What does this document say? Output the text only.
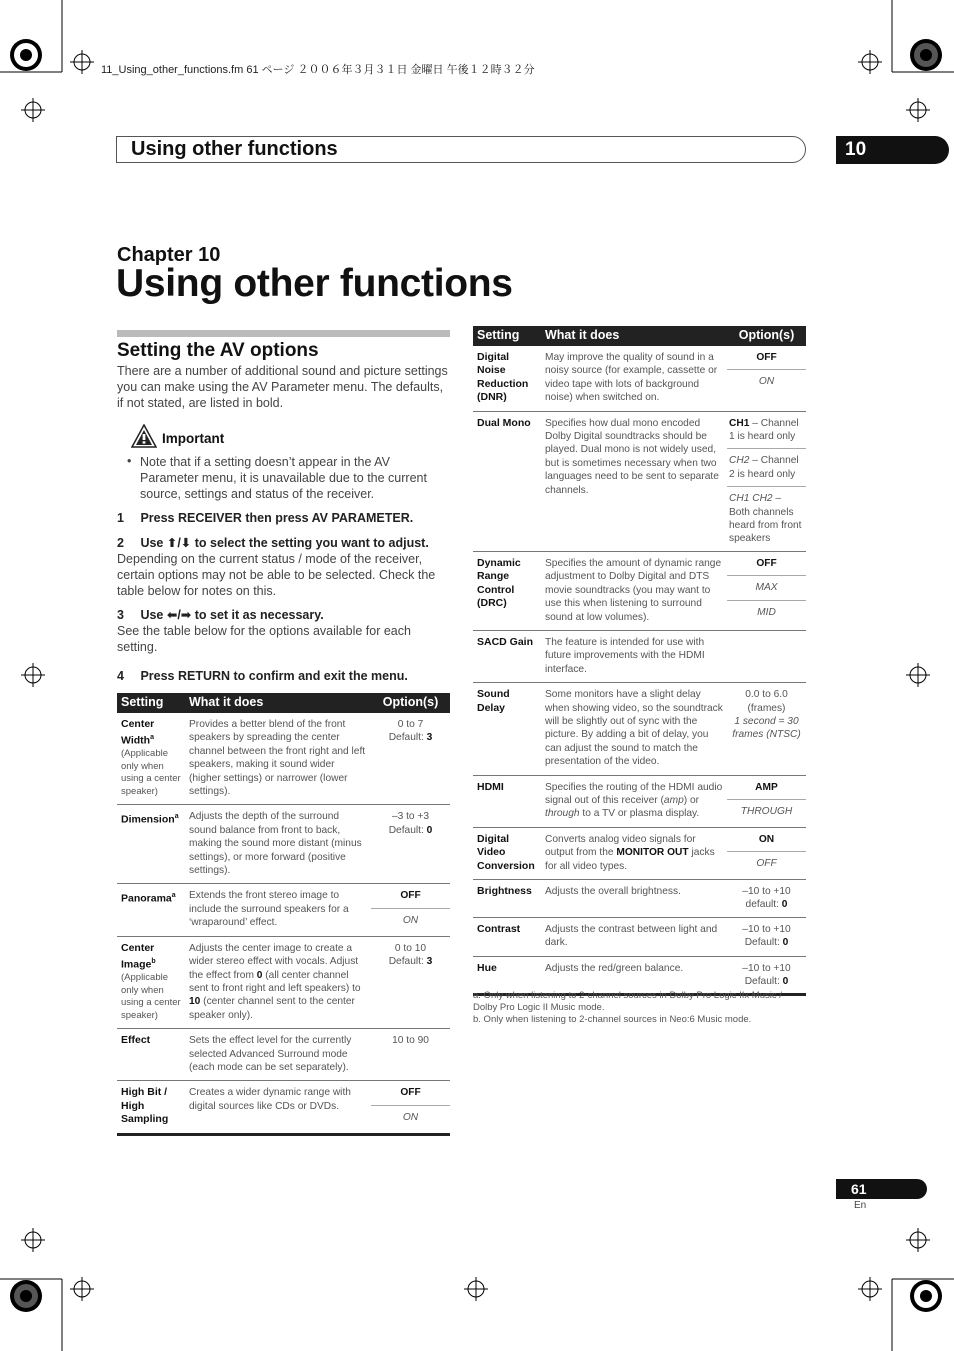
11_Using_other_functions.fm 61 ページ ２００６年３月３１日 金曜日 午後１２時３２分
Using other functions	10
Chapter 10
Using other functions
Setting the AV options
There are a number of additional sound and picture settings you can make using the AV Parameter menu. The defaults, if not stated, are listed in bold.
Important
• Note that if a setting doesn’t appear in the AV Parameter menu, it is unavailable due to the current source, settings and status of the receiver.
1 Press RECEIVER then press AV PARAMETER.
2 Use ⬆/⬇ to select the setting you want to adjust.
Depending on the current status / mode of the receiver, certain options may not be able to be selected. Check the table below for notes on this.
3 Use ⬅/➡ to set it as necessary.
See the table below for the options available for each setting.
4 Press RETURN to confirm and exit the menu.
Setting	What it does	Option(s)
Center Width$^a$
(Applicable only when using a center speaker)	Provides a better blend of the front speakers by spreading the center channel between the front right and left speakers, making it sound wider (higher settings) or narrower (lower settings).	0 to 7
Default: 3

Dimension$^a$	Adjusts the depth of the surround sound balance from front to back, making the sound more distant (minus settings), or more forward (positive settings).	–3 to +3
Default: 0

Panorama$^a$	Extends the front stereo image to include the surround speakers for a ‘wraparound’ effect.	OFF
ON

Center Image$^b$
(Applicable only when using a center speaker)	Adjusts the center image to create a wider stereo effect with vocals. Adjust the effect from 0 (all center channel sent to front right and left speakers) to 10 (center channel sent to the center speaker only).	0 to 10
Default: 3

Effect	Sets the effect level for the currently selected Advanced Surround mode (each mode can be set separately).	10 to 90

High Bit / High Sampling	Creates a wider dynamic range with digital sources like CDs or DVDs.	OFF
ON
Setting	What it does	Option(s)
Digital Noise Reduction (DNR)	May improve the quality of sound in a noisy source (for example, cassette or video tape with lots of background noise) when switched on.	OFF
ON

Dual Mono	Specifies how dual mono encoded Dolby Digital soundtracks should be played. Dual mono is not widely used, but is sometimes necessary when two languages need to be sent to separate channels.	CH1 – Channel 1 is heard only
CH2 – Channel 2 is heard only
CH1 CH2 – Both channels heard from front speakers

Dynamic Range Control (DRC)	Specifies the amount of dynamic range adjustment to Dolby Digital and DTS movie soundtracks (you may want to use this when listening to surround sound at low volumes).	OFF
MAX
MID

SACD Gain	The feature is intended for use with future improvements with the HDMI interface.	
Sound Delay	Some monitors have a slight delay when showing video, so the soundtrack will be slightly out of sync with the picture. By adding a bit of delay, you can adjust the sound to match the presentation of the video.	0.0 to 6.0 (frames)
1 second = 30 frames (NTSC)

HDMI	Specifies the routing of the HDMI audio signal out of this receiver (amp) or through to a TV or plasma display.	AMP
THROUGH

Digital Video Conversion	Converts analog video signals for output from the MONITOR OUT jacks for all video types.	ON
OFF

Brightness	Adjusts the overall brightness.	–10 to +10
default: 0

Contrast	Adjusts the contrast between light and dark.	–10 to +10
Default: 0

Hue	Adjusts the red/green balance.	–10 to +10
Default: 0
a. Only when listening to 2-channel sources in Dolby Pro Logic IIx Music / Dolby Pro Logic II Music mode.
b. Only when listening to 2-channel sources in Neo:6 Music mode.
61
En
